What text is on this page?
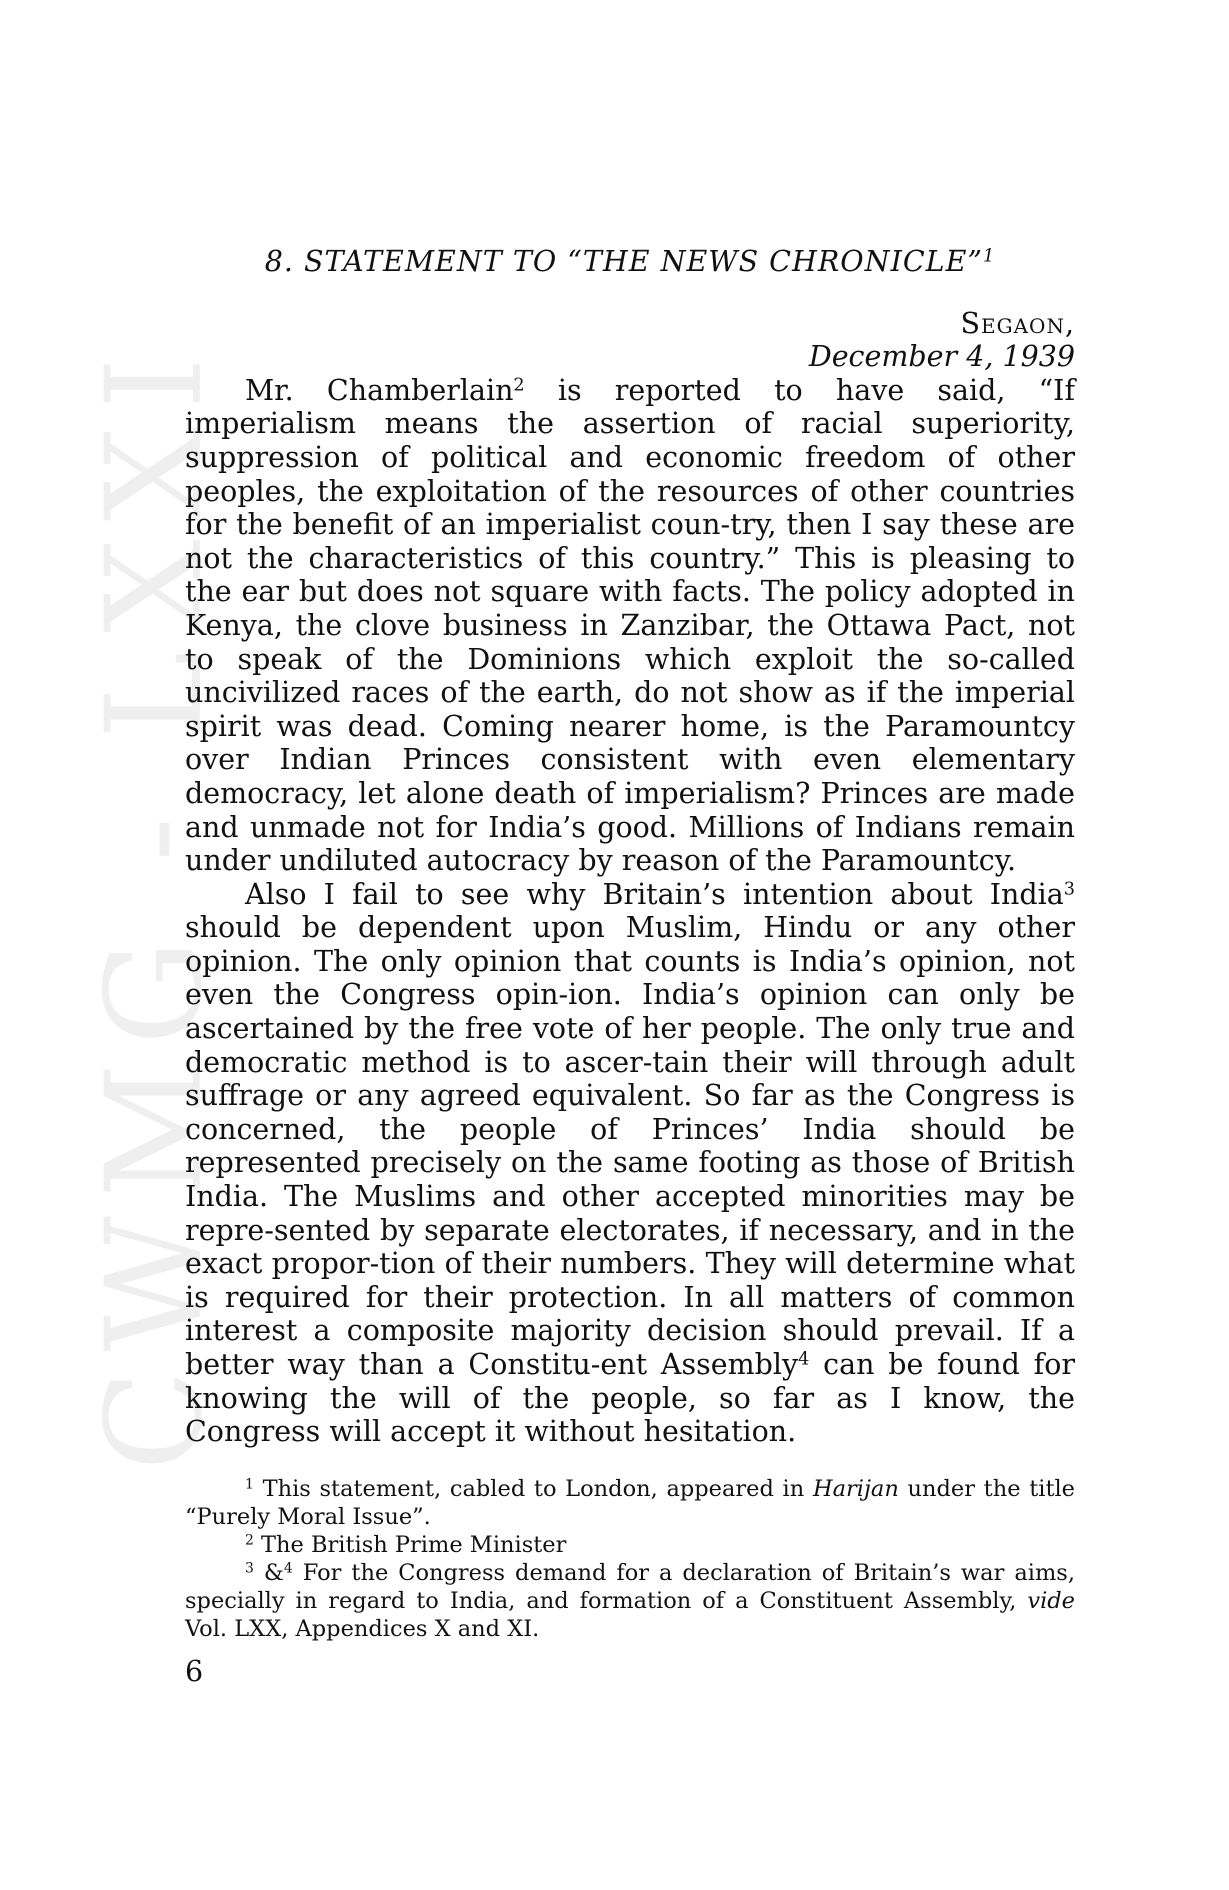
CWMG - LXXI
8. STATEMENT TO “THE NEWS CHRONICLE”$^1$
Segaon,
December 4, 1939

Mr. Chamberlain$^2$ is reported to have said, “If imperialism means the assertion of racial superiority, suppression of political and economic freedom of other peoples, the exploitation of the resources of other countries for the benefit of an imperialist coun-try, then I say these are not the characteristics of this country.” This is pleasing to the ear but does not square with facts. The policy adopted in Kenya, the clove business in Zanzibar, the Ottawa Pact, not to speak of the Dominions which exploit the so-called uncivilized races of the earth, do not show as if the imperial spirit was dead. Coming nearer home, is the Paramountcy over Indian Princes consistent with even elementary democracy, let alone death of imperialism? Princes are made and unmade not for India’s good. Millions of Indians remain under undiluted autocracy by reason of the Paramountcy.

Also I fail to see why Britain’s intention about India$^3$ should be dependent upon Muslim, Hindu or any other opinion. The only opinion that counts is India’s opinion, not even the Congress opin-ion. India’s opinion can only be ascertained by the free vote of her people. The only true and democratic method is to ascer-tain their will through adult suffrage or any agreed equivalent. So far as the Congress is concerned, the people of Princes’ India should be represented precisely on the same footing as those of British India. The Muslims and other accepted minorities may be repre-sented by separate electorates, if necessary, and in the exact propor-tion of their numbers. They will determine what is required for their protection. In all matters of common interest a composite majority decision should prevail. If a better way than a Constitu-ent Assembly$^4$ can be found for knowing the will of the people, so far as I know, the Congress will accept it without hesitation.

$^1$ This statement, cabled to London, appeared in Harijan under the title “Purely Moral Issue”.

$^2$ The British Prime Minister

$^3$ &$^4$ For the Congress demand for a declaration of Britain’s war aims, specially in regard to India, and formation of a Constituent Assembly, vide Vol. LXX, Appendices X and XI.

6
